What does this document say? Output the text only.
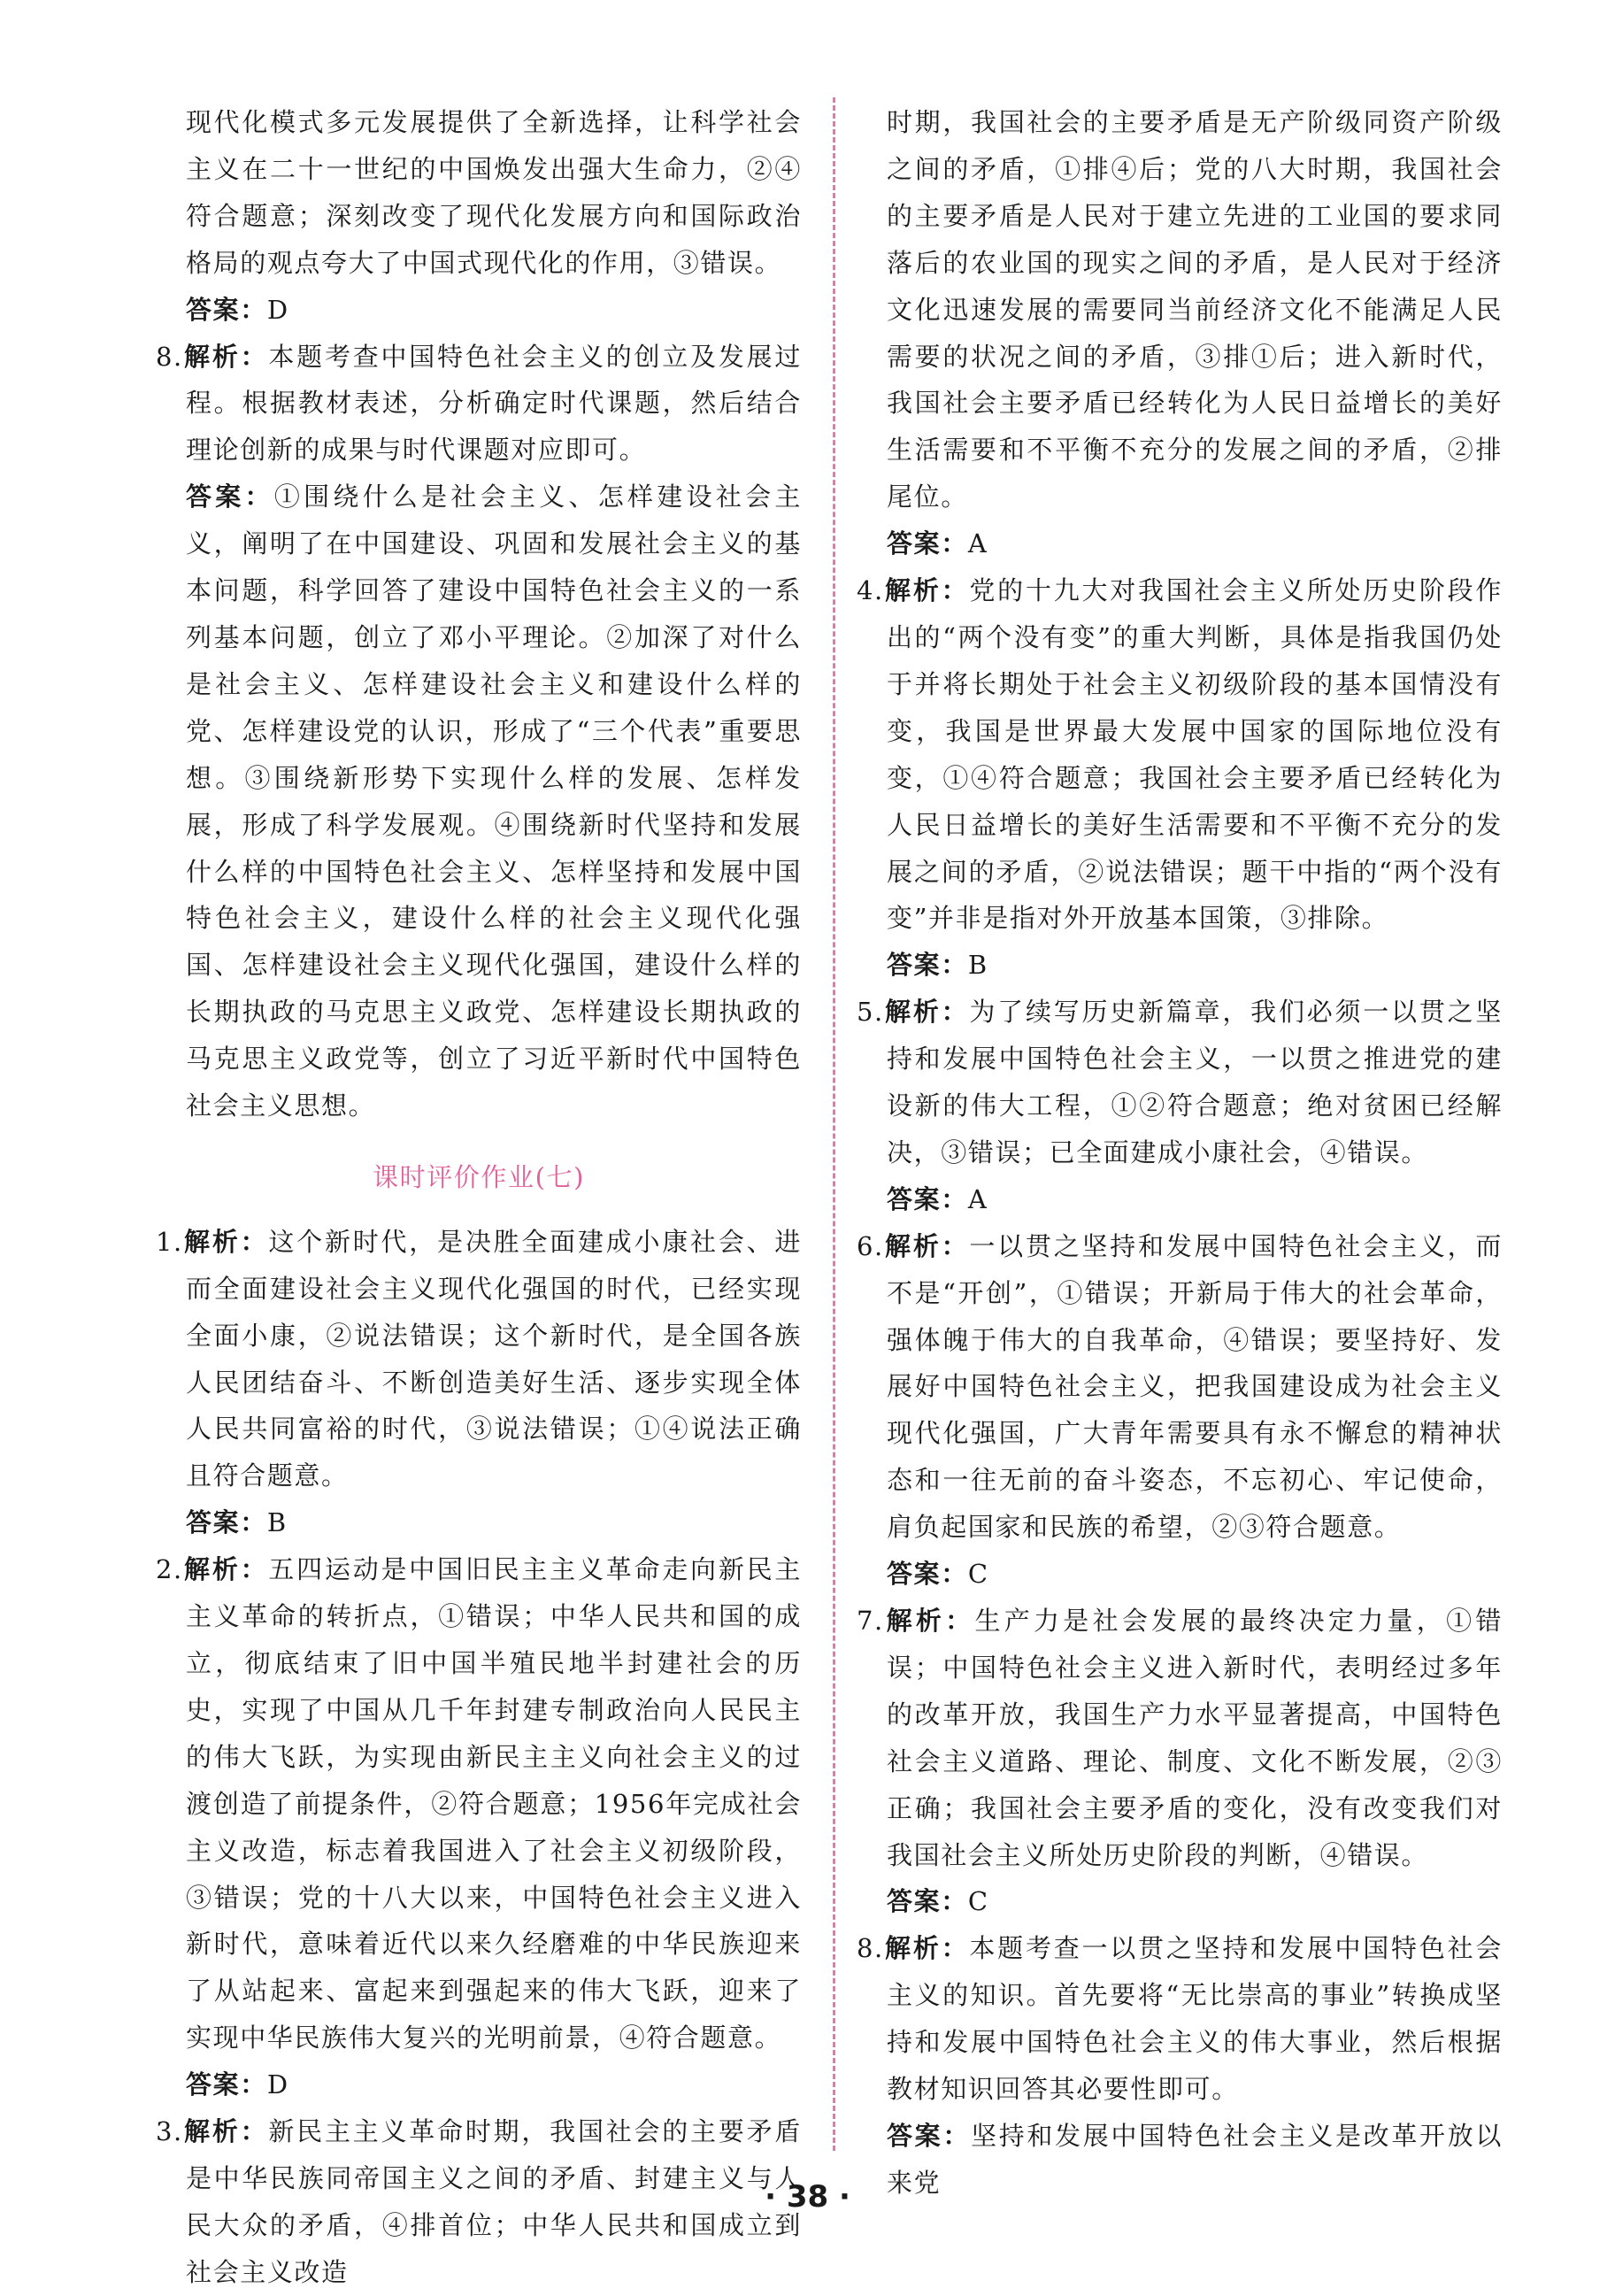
现代化模式多元发展提供了全新选择，让科学社会主义在二十一世纪的中国焕发出强大生命力，②④符合题意；深刻改变了现代化发展方向和国际政治格局的观点夸大了中国式现代化的作用，③错误。

答案：D

8.解析：本题考查中国特色社会主义的创立及发展过程。根据教材表述，分析确定时代课题，然后结合理论创新的成果与时代课题对应即可。

答案：①围绕什么是社会主义、怎样建设社会主义，阐明了在中国建设、巩固和发展社会主义的基本问题，科学回答了建设中国特色社会主义的一系列基本问题，创立了邓小平理论。②加深了对什么是社会主义、怎样建设社会主义和建设什么样的党、怎样建设党的认识，形成了“三个代表”重要思想。③围绕新形势下实现什么样的发展、怎样发展，形成了科学发展观。④围绕新时代坚持和发展什么样的中国特色社会主义、怎样坚持和发展中国特色社会主义，建设什么样的社会主义现代化强国、怎样建设社会主义现代化强国，建设什么样的长期执政的马克思主义政党、怎样建设长期执政的马克思主义政党等，创立了习近平新时代中国特色社会主义思想。

课时评价作业(七)

1.解析：这个新时代，是决胜全面建成小康社会、进而全面建设社会主义现代化强国的时代，已经实现全面小康，②说法错误；这个新时代，是全国各族人民团结奋斗、不断创造美好生活、逐步实现全体人民共同富裕的时代，③说法错误；①④说法正确且符合题意。

答案：B

2.解析：五四运动是中国旧民主主义革命走向新民主主义革命的转折点，①错误；中华人民共和国的成立，彻底结束了旧中国半殖民地半封建社会的历史，实现了中国从几千年封建专制政治向人民民主的伟大飞跃，为实现由新民主主义向社会主义的过渡创造了前提条件，②符合题意；1956年完成社会主义改造，标志着我国进入了社会主义初级阶段，③错误；党的十八大以来，中国特色社会主义进入新时代，意味着近代以来久经磨难的中华民族迎来了从站起来、富起来到强起来的伟大飞跃，迎来了实现中华民族伟大复兴的光明前景，④符合题意。

答案：D

3.解析：新民主主义革命时期，我国社会的主要矛盾是中华民族同帝国主义之间的矛盾、封建主义与人民大众的矛盾，④排首位；中华人民共和国成立到社会主义改造

时期，我国社会的主要矛盾是无产阶级同资产阶级之间的矛盾，①排④后；党的八大时期，我国社会的主要矛盾是人民对于建立先进的工业国的要求同落后的农业国的现实之间的矛盾，是人民对于经济文化迅速发展的需要同当前经济文化不能满足人民需要的状况之间的矛盾，③排①后；进入新时代，我国社会主要矛盾已经转化为人民日益增长的美好生活需要和不平衡不充分的发展之间的矛盾，②排尾位。

答案：A

4.解析：党的十九大对我国社会主义所处历史阶段作出的“两个没有变”的重大判断，具体是指我国仍处于并将长期处于社会主义初级阶段的基本国情没有变，我国是世界最大发展中国家的国际地位没有变，①④符合题意；我国社会主要矛盾已经转化为人民日益增长的美好生活需要和不平衡不充分的发展之间的矛盾，②说法错误；题干中指的“两个没有变”并非是指对外开放基本国策，③排除。

答案：B

5.解析：为了续写历史新篇章，我们必须一以贯之坚持和发展中国特色社会主义，一以贯之推进党的建设新的伟大工程，①②符合题意；绝对贫困已经解决，③错误；已全面建成小康社会，④错误。

答案：A

6.解析：一以贯之坚持和发展中国特色社会主义，而不是“开创”，①错误；开新局于伟大的社会革命，强体魄于伟大的自我革命，④错误；要坚持好、发展好中国特色社会主义，把我国建设成为社会主义现代化强国，广大青年需要具有永不懈怠的精神状态和一往无前的奋斗姿态，不忘初心、牢记使命，肩负起国家和民族的希望，②③符合题意。

答案：C

7.解析：生产力是社会发展的最终决定力量，①错误；中国特色社会主义进入新时代，表明经过多年的改革开放，我国生产力水平显著提高，中国特色社会主义道路、理论、制度、文化不断发展，②③正确；我国社会主要矛盾的变化，没有改变我们对我国社会主义所处历史阶段的判断，④错误。

答案：C

8.解析：本题考查一以贯之坚持和发展中国特色社会主义的知识。首先要将“无比崇高的事业”转换成坚持和发展中国特色社会主义的伟大事业，然后根据教材知识回答其必要性即可。

答案：坚持和发展中国特色社会主义是改革开放以来党

· 38 ·
